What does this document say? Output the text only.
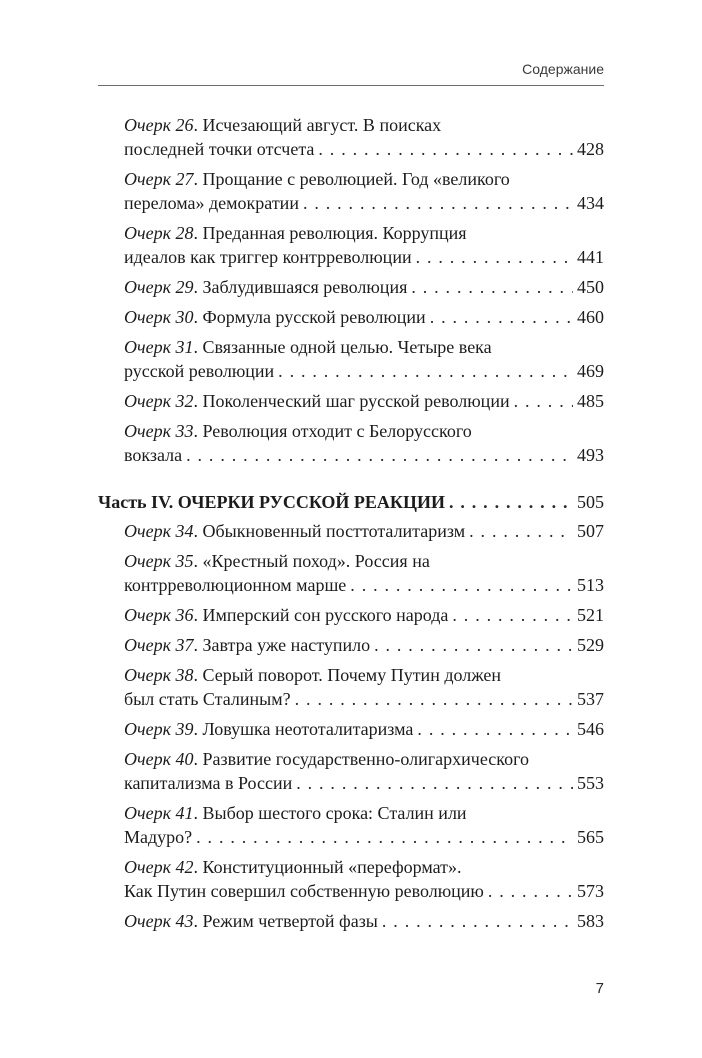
Содержание
Очерк 26. Исчезающий август. В поисках
последней точки отсчета . . .	428
Очерк 27. Прощание с революцией. Год «великого
перелома» демократии . . .	434
Очерк 28. Преданная революция. Коррупция
идеалов как триггер контрреволюции . . .	441
Очерк 29. Заблудившаяся революция . . .	450
Очерк 30. Формула русской революции . . .	460
Очерк 31. Связанные одной целью. Четыре века
русской революции . . .	469
Очерк 32. Поколенческий шаг русской революции . . .	485
Очерк 33. Революция отходит с Белорусского
вокзала . . .	493
Часть IV. ОЧЕРКИ РУССКОЙ РЕАКЦИИ . . .	505
Очерк 34. Обыкновенный посттоталитаризм . . .	507
Очерк 35. «Крестный поход». Россия на
контрреволюционном марше . . .	513
Очерк 36. Имперский сон русского народа . . .	521
Очерк 37. Завтра уже наступило . . .	529
Очерк 38. Серый поворот. Почему Путин должен
был стать Сталиным? . . .	537
Очерк 39. Ловушка неототалитаризма . . .	546
Очерк 40. Развитие государственно-олигархического
капитализма в России . . .	553
Очерк 41. Выбор шестого срока: Сталин или
Мадуро? . . .	565
Очерк 42. Конституционный «переформат».
Как Путин совершил собственную революцию . . .	573
Очерк 43. Режим четвертой фазы . . .	583
7
